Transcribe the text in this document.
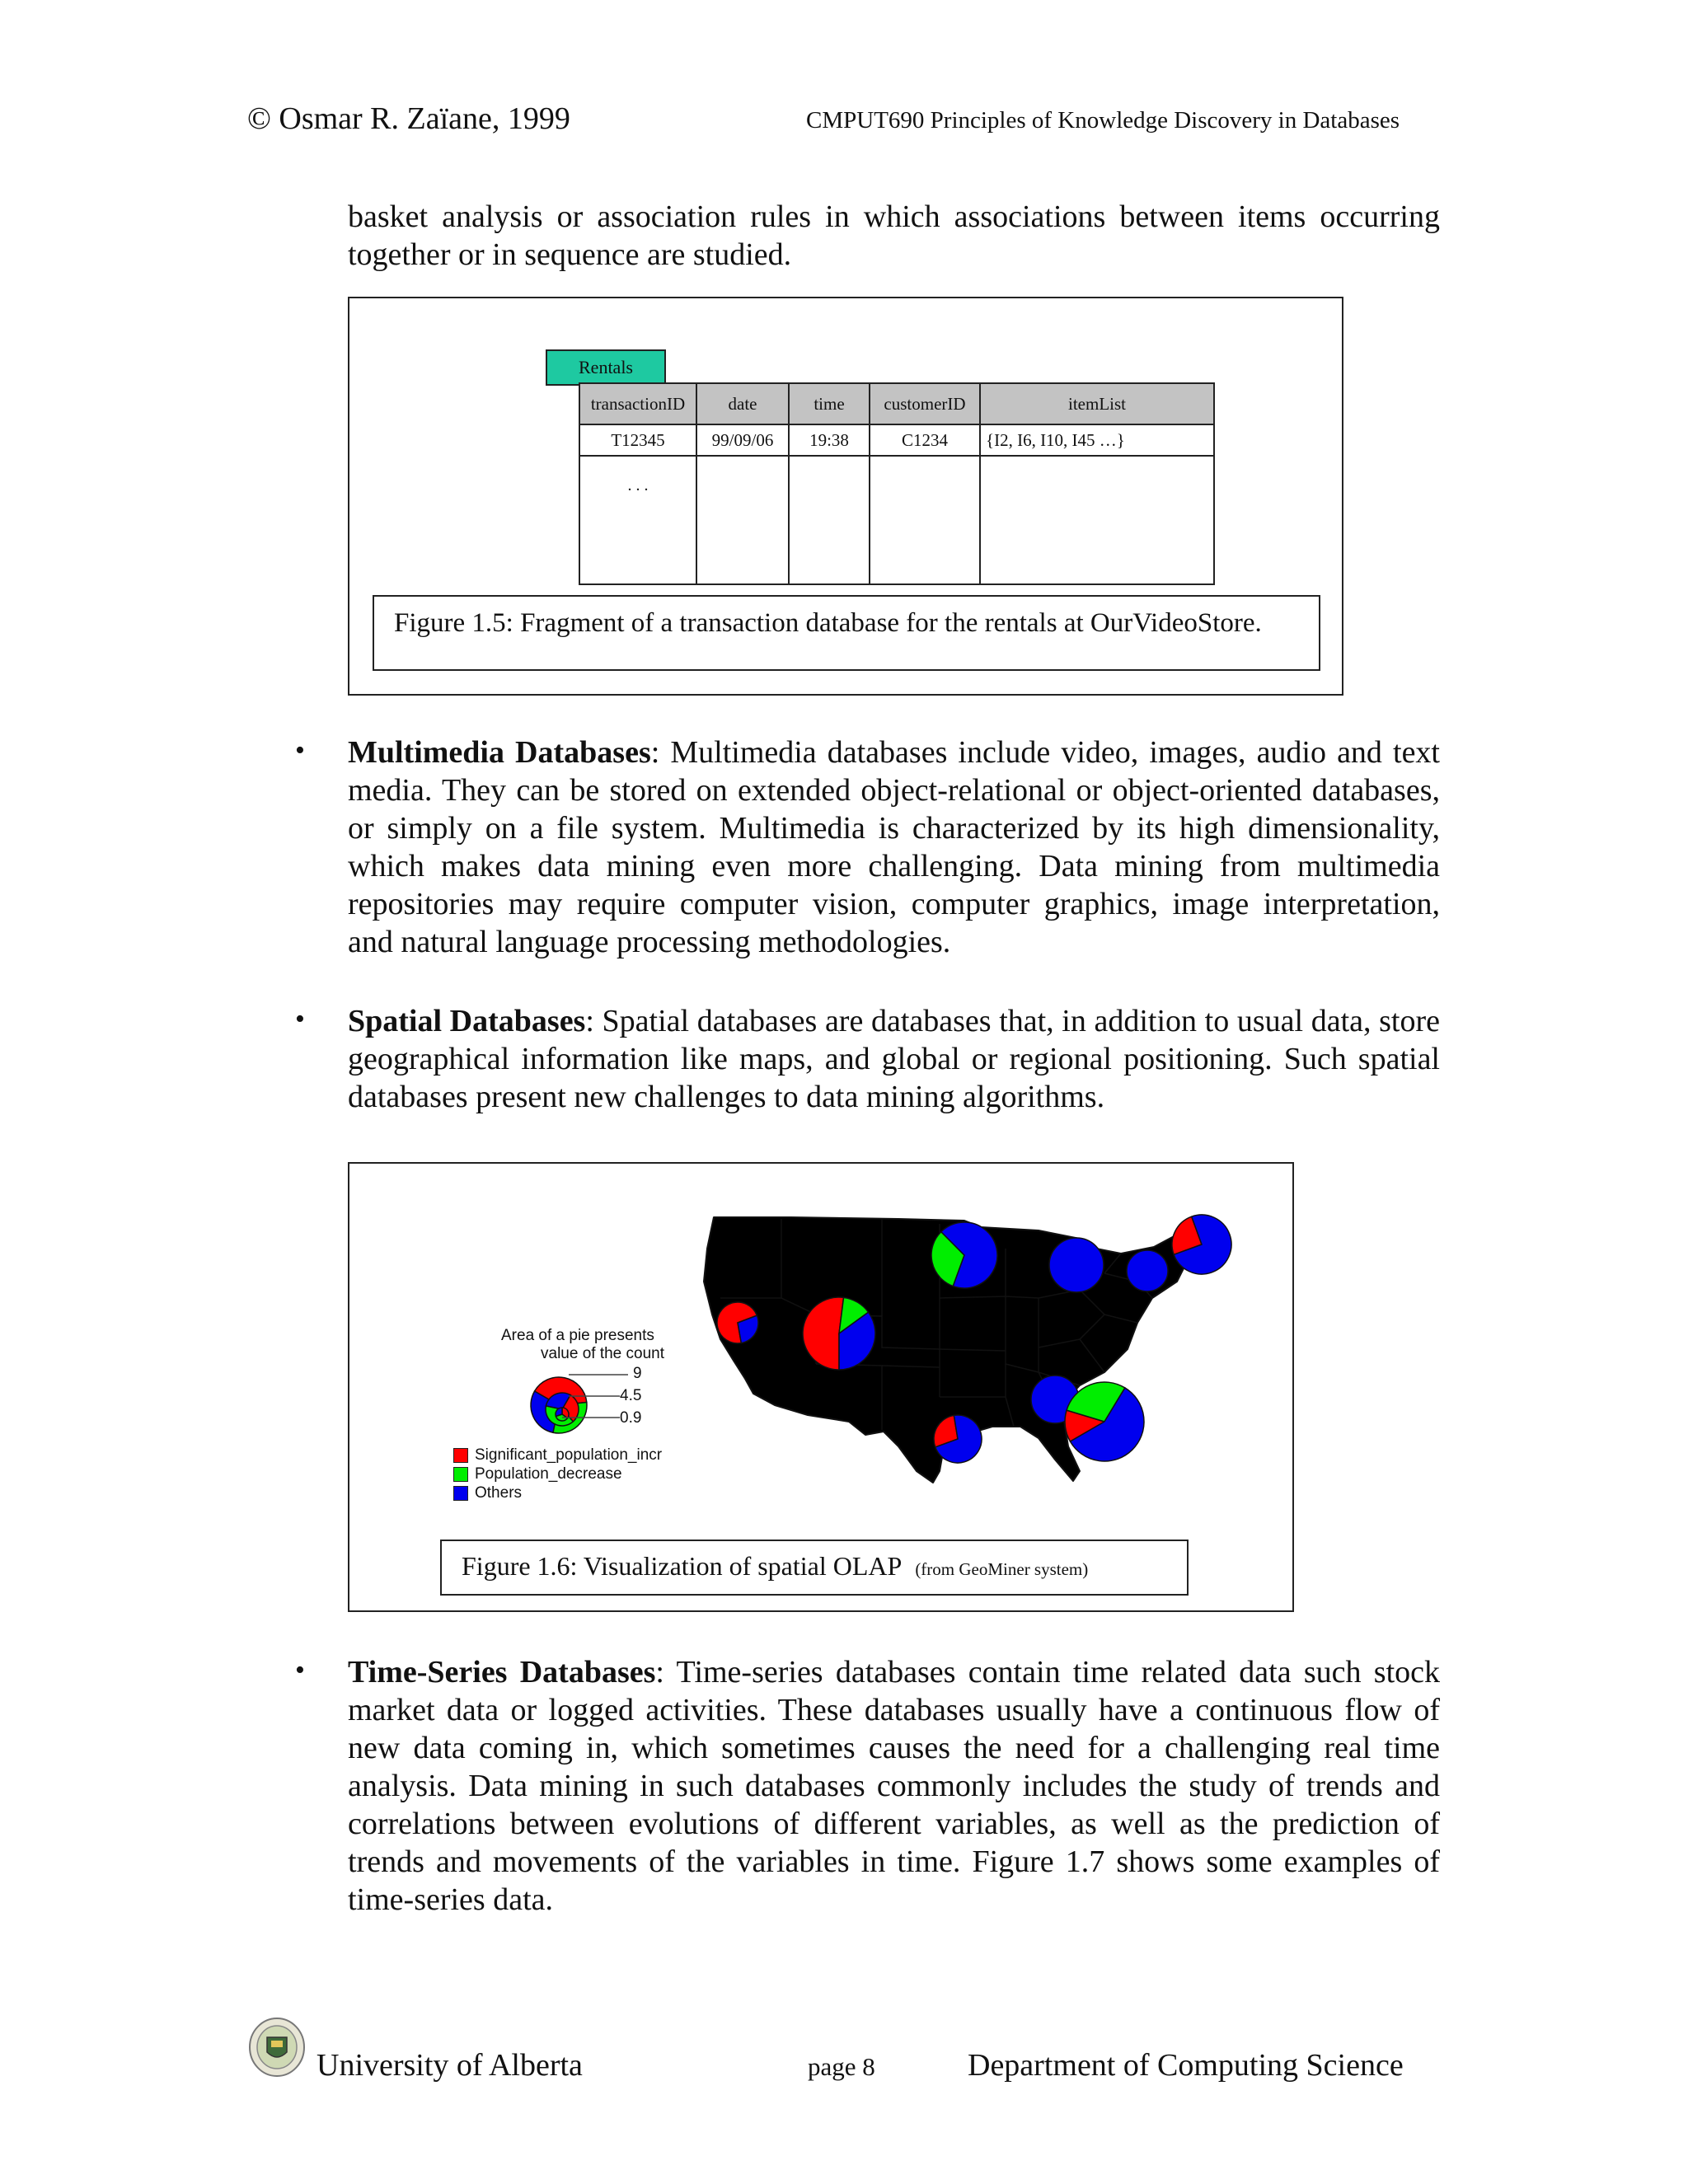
© Osmar R. Zaïane, 1999	CMPUT690 Principles of Knowledge Discovery in Databases
basket analysis or association rules in which associations between items occurring together or in sequence are studied.
Rentals
transactionID	date	time	customerID	itemList
T12345	99/09/06	19:38	C1234	{I2, I6, I10, I45 …}
. . .				
Figure 1.5: Fragment of a transaction database for the rentals at OurVideoStore.
• Multimedia Databases: Multimedia databases include video, images, audio and text media. They can be stored on extended object-relational or object-oriented databases, or simply on a file system. Multimedia is characterized by its high dimensionality, which makes data mining even more challenging. Data mining from multimedia repositories may require computer vision, computer graphics, image interpretation, and natural language processing methodologies.
• Spatial Databases: Spatial databases are databases that, in addition to usual data, store geographical information like maps, and global or regional positioning. Such spatial databases present new challenges to data mining algorithms.
Area of a pie presents
value of the count
9
4.5
0.9
Significant_population_incr
Population_decrease
Others
Figure 1.6: Visualization of spatial OLAP (from GeoMiner system)
• Time-Series Databases: Time-series databases contain time related data such stock market data or logged activities. These databases usually have a continuous flow of new data coming in, which sometimes causes the need for a challenging real time analysis. Data mining in such databases commonly includes the study of trends and correlations between evolutions of different variables, as well as the prediction of trends and movements of the variables in time. Figure 1.7 shows some examples of time-series data.
University of Alberta	page 8	Department of Computing Science
